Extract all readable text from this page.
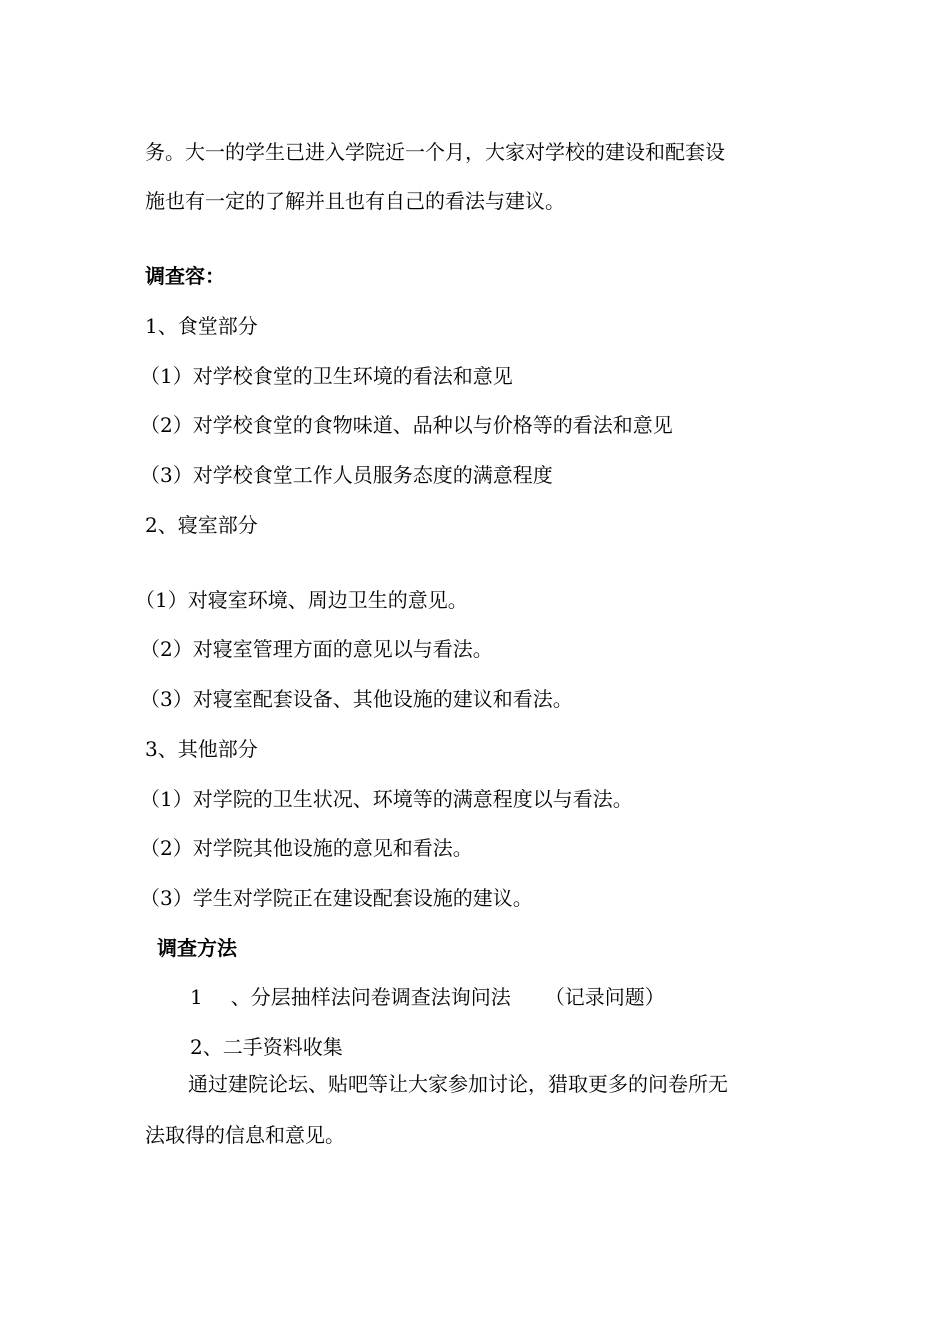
务。大一的学生已进入学院近一个月，大家对学校的建设和配套设
施也有一定的了解并且也有自己的看法与建议。
调查容：
1、食堂部分
（1）对学校食堂的卫生环境的看法和意见
（2）对学校食堂的食物味道、品种以与价格等的看法和意见
（3）对学校食堂工作人员服务态度的满意程度
2、寝室部分
（1）对寝室环境、周边卫生的意见。
（2）对寝室管理方面的意见以与看法。
（3）对寝室配套设备、其他设施的建议和看法。
3、其他部分
（1）对学院的卫生状况、环境等的满意程度以与看法。
（2）对学院其他设施的意见和看法。
（3）学生对学院正在建设配套设施的建议。
调查方法
1 、分层抽样法问卷调查法询问法 （记录问题）
2、二手资料收集
通过建院论坛、贴吧等让大家参加讨论，猎取更多的问卷所无
法取得的信息和意见。
